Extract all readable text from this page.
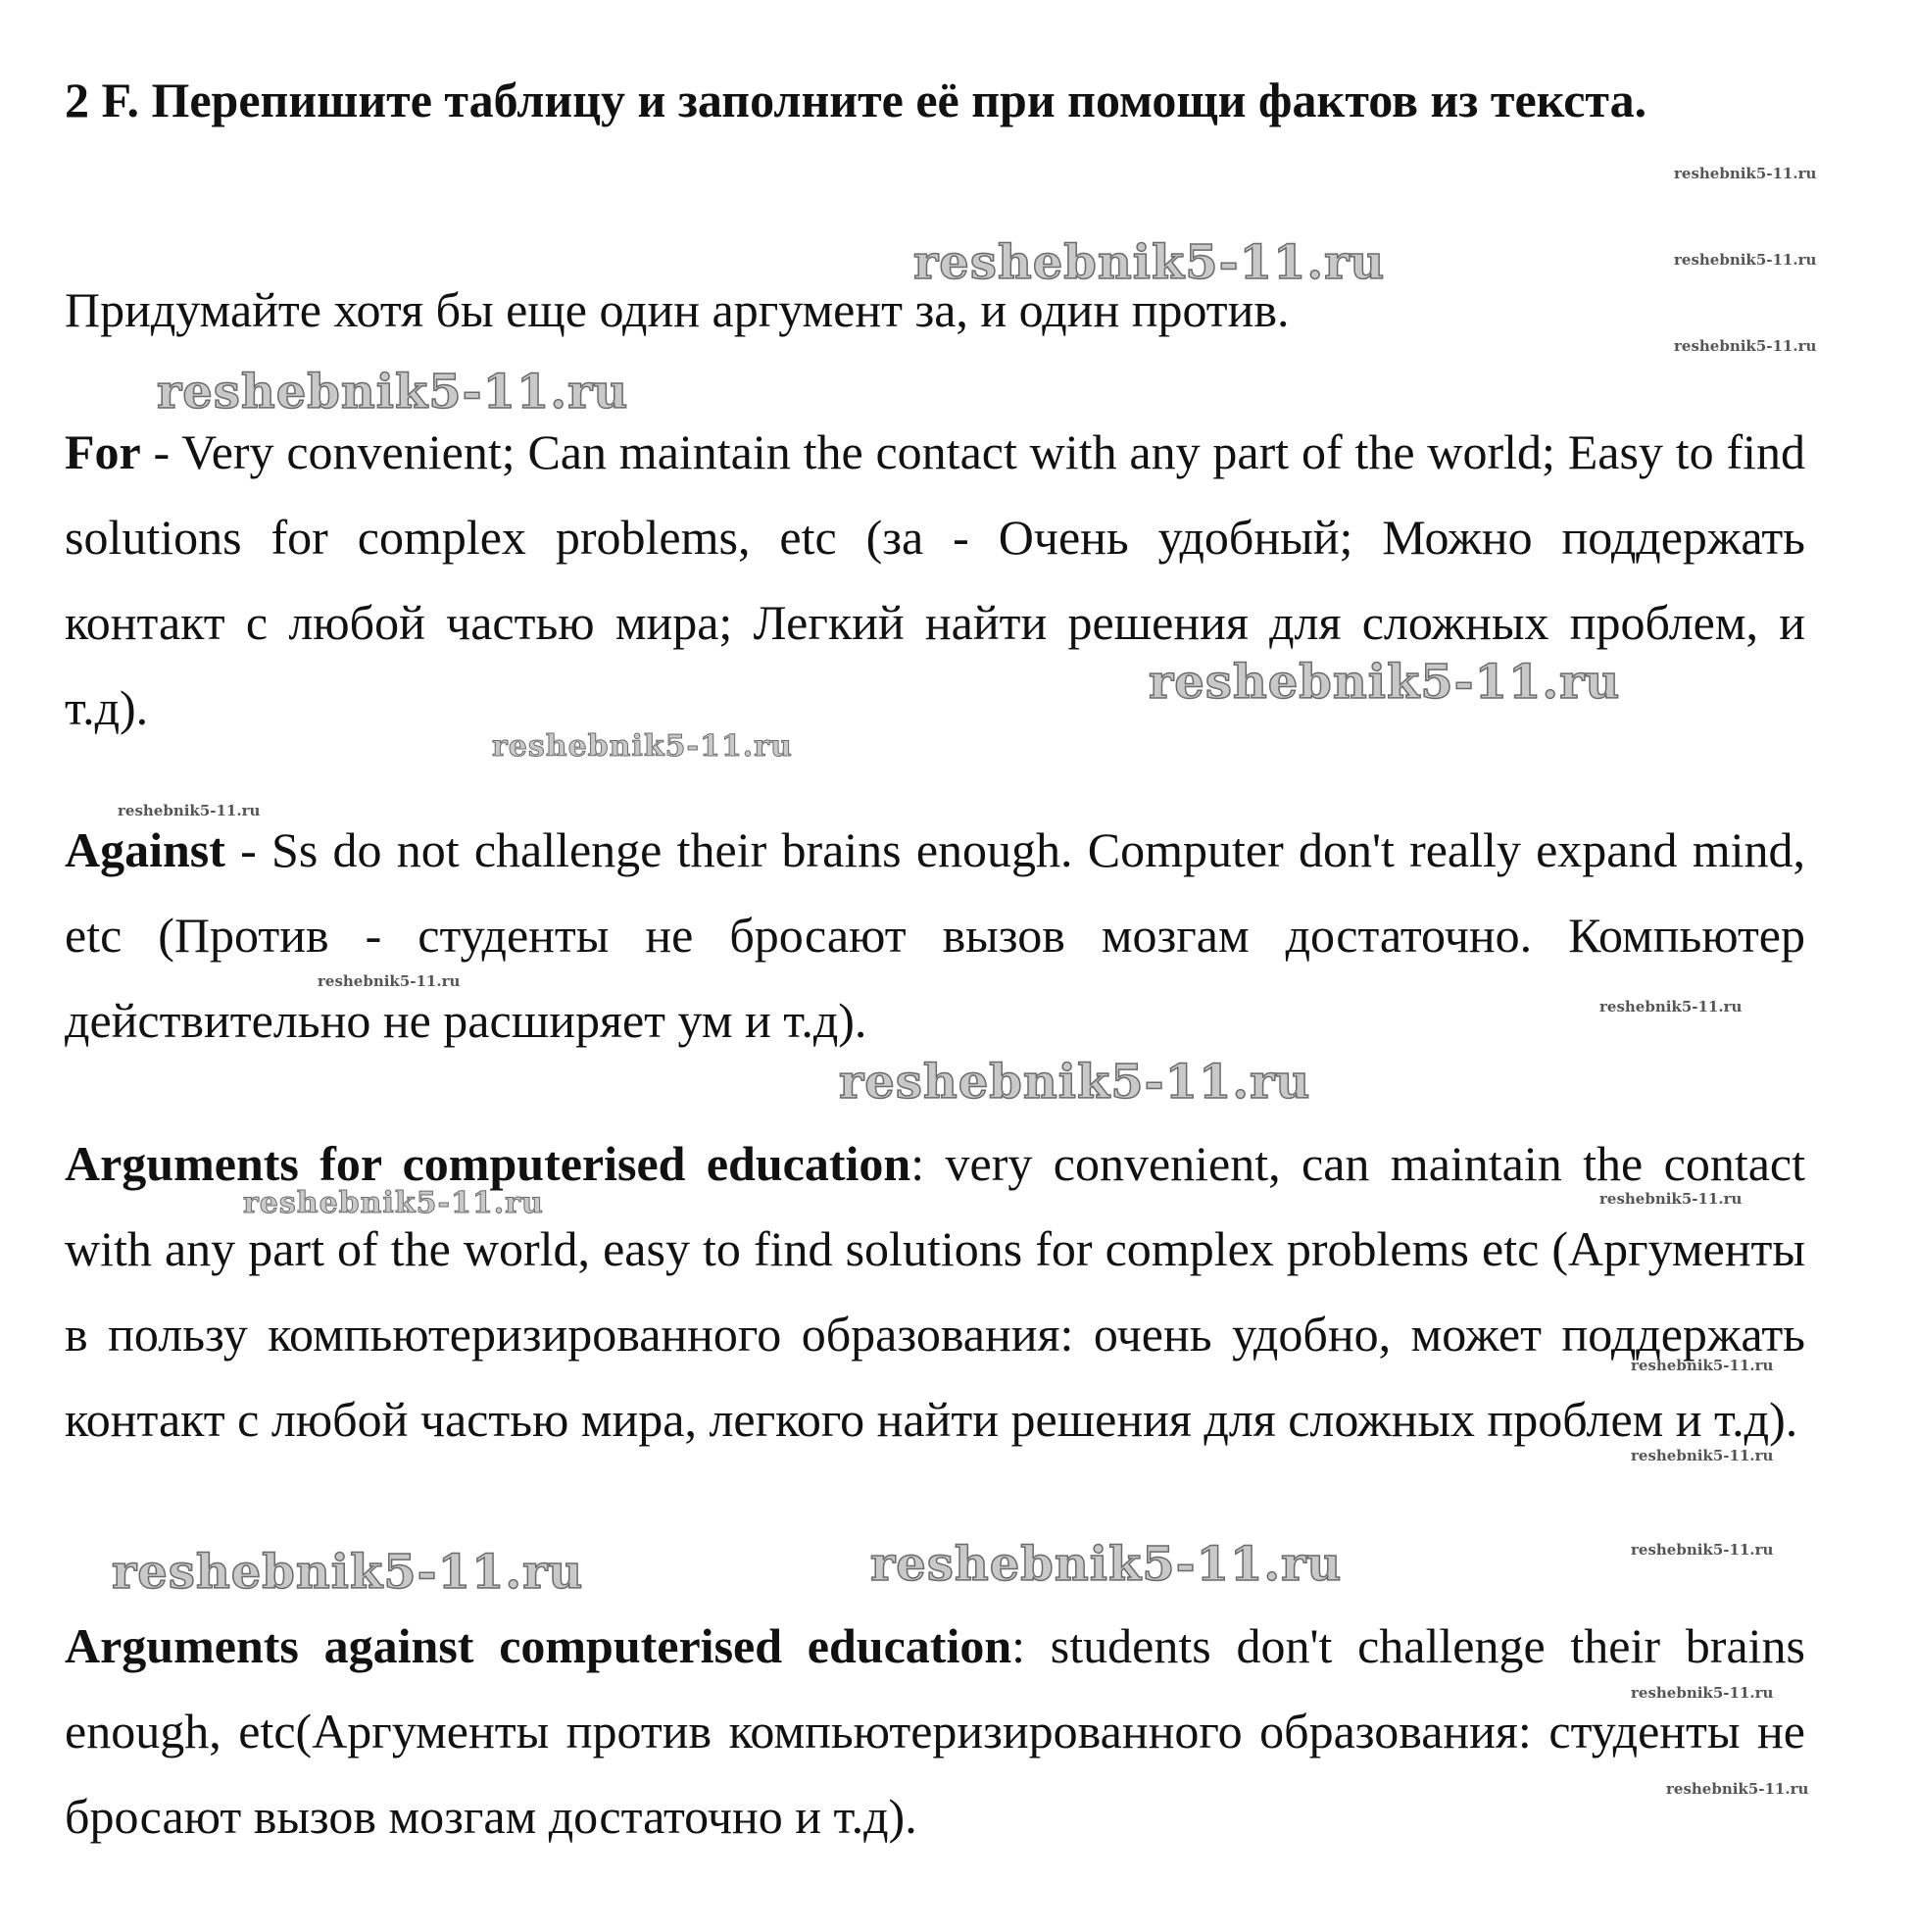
2 F. Перепишите таблицу и заполните её при помощи фактов из текста.

Придумайте хотя бы еще один аргумент за, и один против.

For - Very convenient; Can maintain the contact with any part of the world; Easy to find solutions for complex problems, etc (за - Очень удобный; Можно поддержать контакт с любой частью мира; Легкий найти решения для сложных проблем, и т.д).

Against - Ss do not challenge their brains enough. Computer don't really expand mind, etc (Против - студенты не бросают вызов мозгам достаточно. Компьютер действительно не расширяет ум и т.д).

Arguments for computerised education: very convenient, can maintain the contact with any part of the world, easy to find solutions for complex problems etc (Аргументы в пользу компьютеризированного образования: очень удобно, может поддержать контакт с любой частью мира, легкого найти решения для сложных проблем и т.д).

Arguments against computerised education: students don't challenge their brains enough, etc(Аргументы против компьютеризированного образования: студенты не бросают вызов мозгам достаточно и т.д).

reshebnik5-11.ru
reshebnik5-11.ru
reshebnik5-11.ru
reshebnik5-11.ru
reshebnik5-11.ru
reshebnik5-11.ru	reshebnik5-11.ru
reshebnik5-11.ru
reshebnik5-11.ru
reshebnik5-11.ru
reshebnik5-11.ru
reshebnik5-11.ru
reshebnik5-11.ru
reshebnik5-11.ru
reshebnik5-11.ru
reshebnik5-11.ru
reshebnik5-11.ru
reshebnik5-11.ru
reshebnik5-11.ru
reshebnik5-11.ru
